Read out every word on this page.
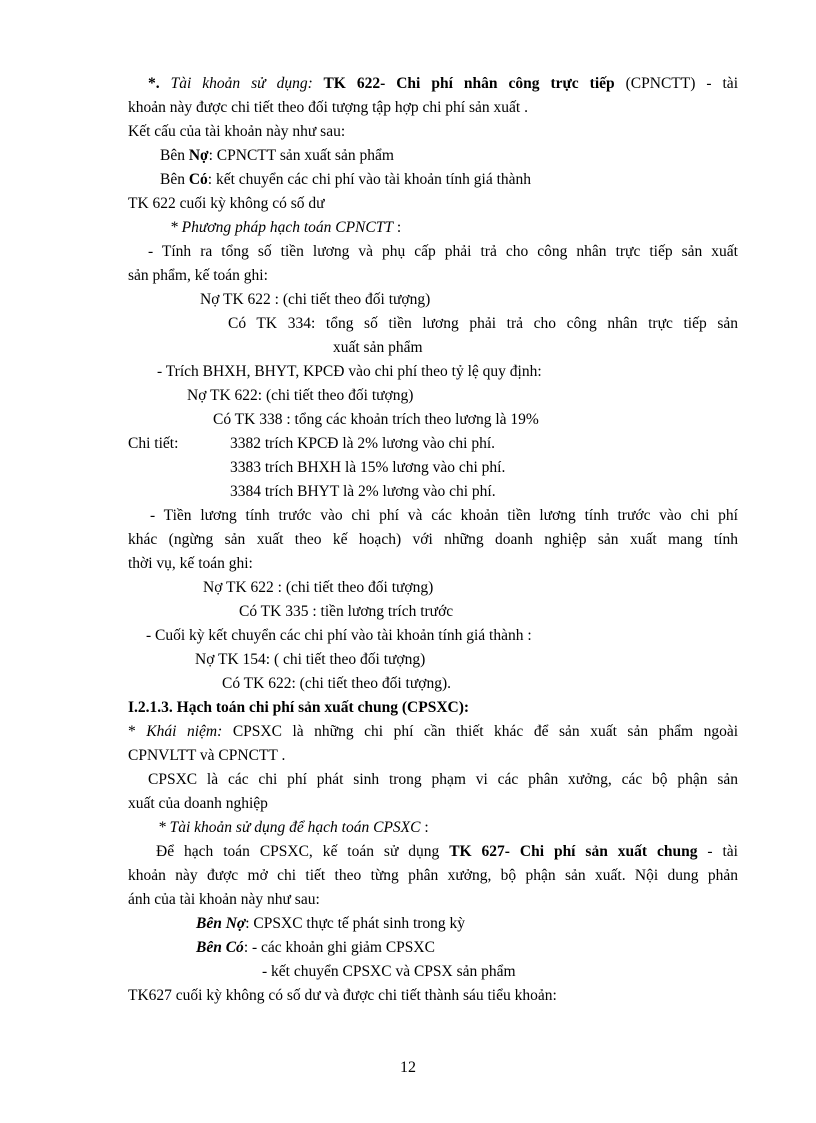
*. Tài khoản sử dụng: TK 622- Chi phí nhân công trực tiếp (CPNCTT) - tài
khoản này được chi tiết theo đối tượng tập hợp chi phí sản xuất .
Kết cấu của tài khoản này như sau:
Bên Nợ: CPNCTT sản xuất sản phẩm
Bên Có: kết chuyển các chi phí vào tài khoản tính giá thành
TK 622 cuối kỳ không có số dư
* Phương pháp hạch toán CPNCTT :
- Tính ra tổng số tiền lương và phụ cấp phải trả cho công nhân trực tiếp sản xuất
sản phẩm, kế toán ghi:
Nợ TK 622 : (chi tiết theo đối tượng)
Có TK 334: tổng số tiền lương phải trả cho công nhân trực tiếp sản
xuất sản phẩm
- Trích BHXH, BHYT, KPCĐ vào chi phí theo tỷ lệ quy định:
Nợ TK 622: (chi tiết theo đối tượng)
Có TK 338 : tổng các khoản trích theo lương là 19%
Chi tiết:	3382 trích KPCĐ là 2% lương vào chi phí.
3383 trích BHXH là 15% lương vào chi phí.
3384 trích BHYT là 2% lương vào chi phí.
- Tiền lương tính trước vào chi phí và các khoản tiền lương tính trước vào chi phí
khác (ngừng sản xuất theo kế hoạch) với những doanh nghiệp sản xuất mang tính
thời vụ, kế toán ghi:
Nợ TK 622 : (chi tiết theo đối tượng)
Có TK 335 : tiền lương trích trước
- Cuối kỳ kết chuyển các chi phí vào tài khoản tính giá thành :
Nợ TK 154: ( chi tiết theo đối tượng)
Có TK 622: (chi tiết theo đối tượng).
I.2.1.3. Hạch toán chi phí sản xuất chung (CPSXC):
* Khái niệm: CPSXC là những chi phí cần thiết khác để sản xuất sản phẩm ngoài
CPNVLTT và CPNCTT .
CPSXC là các chi phí phát sinh trong phạm vi các phân xưởng, các bộ phận sản
xuất của doanh nghiệp
* Tài khoản sử dụng để hạch toán CPSXC :
Để hạch toán CPSXC, kế toán sử dụng TK 627- Chi phí sản xuất chung - tài
khoản này được mở chi tiết theo từng phân xưởng, bộ phận sản xuất. Nội dung phản
ánh của tài khoản này như sau:
Bên Nợ: CPSXC thực tế phát sinh trong kỳ
Bên Có: - các khoản ghi giảm CPSXC
- kết chuyển CPSXC và CPSX sản phẩm
TK627 cuối kỳ không có số dư và được chi tiết thành sáu tiểu khoản:
12
